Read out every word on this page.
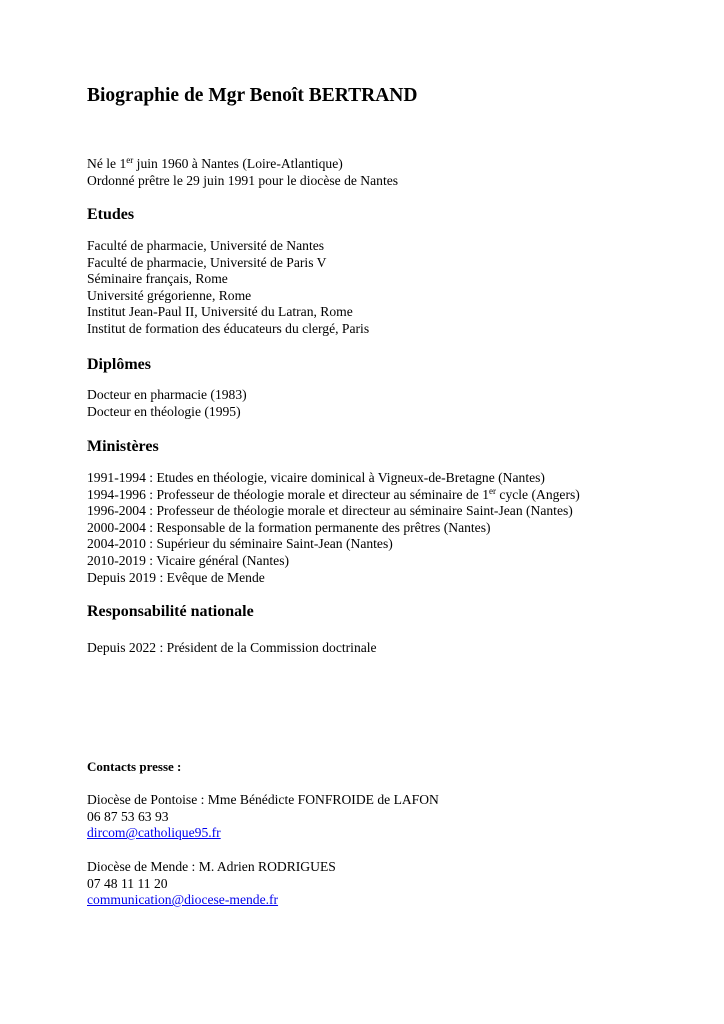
Biographie de Mgr Benoît BERTRAND
Né le 1er juin 1960 à Nantes (Loire-Atlantique)
Ordonné prêtre le 29 juin 1991 pour le diocèse de Nantes
Etudes
Faculté de pharmacie, Université de Nantes
Faculté de pharmacie, Université de Paris V
Séminaire français, Rome
Université grégorienne, Rome
Institut Jean-Paul II, Université du Latran, Rome
Institut de formation des éducateurs du clergé, Paris
Diplômes
Docteur en pharmacie (1983)
Docteur en théologie (1995)
Ministères
1991-1994 : Etudes en théologie, vicaire dominical à Vigneux-de-Bretagne (Nantes)
1994-1996 : Professeur de théologie morale et directeur au séminaire de 1er cycle (Angers)
1996-2004 : Professeur de théologie morale et directeur au séminaire Saint-Jean (Nantes)
2000-2004 : Responsable de la formation permanente des prêtres (Nantes)
2004-2010 : Supérieur du séminaire Saint-Jean (Nantes)
2010-2019 : Vicaire général (Nantes)
Depuis 2019 : Evêque de Mende
Responsabilité nationale
Depuis 2022 : Président de la Commission doctrinale
Contacts presse :
Diocèse de Pontoise : Mme Bénédicte FONFROIDE de LAFON
06 87 53 63 93
dircom@catholique95.fr
Diocèse de Mende : M. Adrien RODRIGUES
07 48 11 11 20
communication@diocese-mende.fr
